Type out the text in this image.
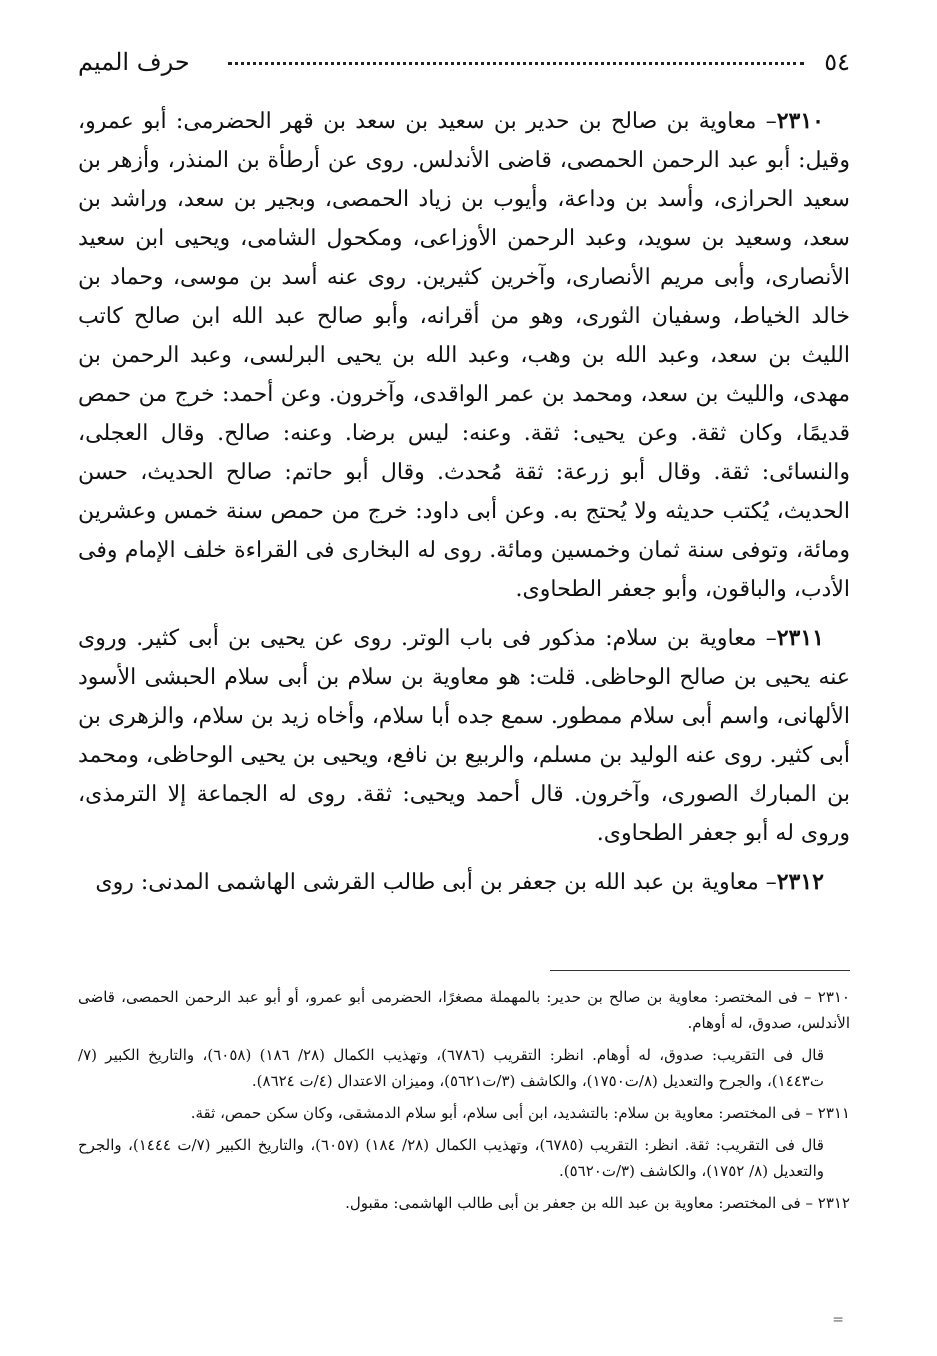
٥٤
حرف الميم

٢٣١٠– معاوية بن صالح بن حدير بن سعيد بن سعد بن قهر الحضرمى: أبو عمرو، وقيل: أبو عبد الرحمن الحمصى، قاضى الأندلس. روى عن أرطأة بن المنذر، وأزهر بن سعيد الحرازى، وأسد بن وداعة، وأيوب بن زياد الحمصى، وبجير بن سعد، وراشد بن سعد، وسعيد بن سويد، وعبد الرحمن الأوزاعى، ومكحول الشامى، ويحيى ابن سعيد الأنصارى، وأبى مريم الأنصارى، وآخرين كثيرين. روى عنه أسد بن موسى، وحماد بن خالد الخياط، وسفيان الثورى، وهو من أقرانه، وأبو صالح عبد الله ابن صالح كاتب الليث بن سعد، وعبد الله بن وهب، وعبد الله بن يحيى البرلسى، وعبد الرحمن بن مهدى، والليث بن سعد، ومحمد بن عمر الواقدى، وآخرون. وعن أحمد: خرج من حمص قديمًا، وكان ثقة. وعن يحيى: ثقة. وعنه: ليس برضا. وعنه: صالح. وقال العجلى، والنسائى: ثقة. وقال أبو زرعة: ثقة مُحدث. وقال أبو حاتم: صالح الحديث، حسن الحديث، يُكتب حديثه ولا يُحتج به. وعن أبى داود: خرج من حمص سنة خمس وعشرين ومائة، وتوفى سنة ثمان وخمسين ومائة. روى له البخارى فى القراءة خلف الإمام وفى الأدب، والباقون، وأبو جعفر الطحاوى.

٢٣١١– معاوية بن سلام: مذكور فى باب الوتر. روى عن يحيى بن أبى كثير. وروى عنه يحيى بن صالح الوحاظى. قلت: هو معاوية بن سلام بن أبى سلام الحبشى الأسود الألهانى، واسم أبى سلام ممطور. سمع جده أبا سلام، وأخاه زيد بن سلام، والزهرى بن أبى كثير. روى عنه الوليد بن مسلم، والربيع بن نافع، ويحيى بن يحيى الوحاظى، ومحمد بن المبارك الصورى، وآخرون. قال أحمد ويحيى: ثقة. روى له الجماعة إلا الترمذى، وروى له أبو جعفر الطحاوى.

٢٣١٢– معاوية بن عبد الله بن جعفر بن أبى طالب القرشى الهاشمى المدنى: روى

٢٣١٠ – فى المختصر: معاوية بن صالح بن حدير: بالمهملة مصغرًا، الحضرمى أبو عمرو، أو أبو عبد الرحمن الحمصى، قاضى الأندلس، صدوق، له أوهام.

قال فى التقريب: صدوق، له أوهام. انظر: التقريب (٦٧٨٦)، وتهذيب الكمال (٢٨/ ١٨٦) (٦٠٥٨)، والتاريخ الكبير (٧/ت١٤٤٣)، والجرح والتعديل (٨/ت١٧٥٠)، والكاشف (٣/ت٥٦٢١)، وميزان الاعتدال (٤/ت ٨٦٢٤).

٢٣١١ – فى المختصر: معاوية بن سلام: بالتشديد، ابن أبى سلام، أبو سلام الدمشقى، وكان سكن حمص، ثقة.

قال فى التقريب: ثقة. انظر: التقريب (٦٧٨٥)، وتهذيب الكمال (٢٨/ ١٨٤) (٦٠٥٧)، والتاريخ الكبير (٧/ت ١٤٤٤)، والجرح والتعديل (٨/ ١٧٥٢)، والكاشف (٣/ت٥٦٢٠).

٢٣١٢ – فى المختصر: معاوية بن عبد الله بن جعفر بن أبى طالب الهاشمى: مقبول.

=
